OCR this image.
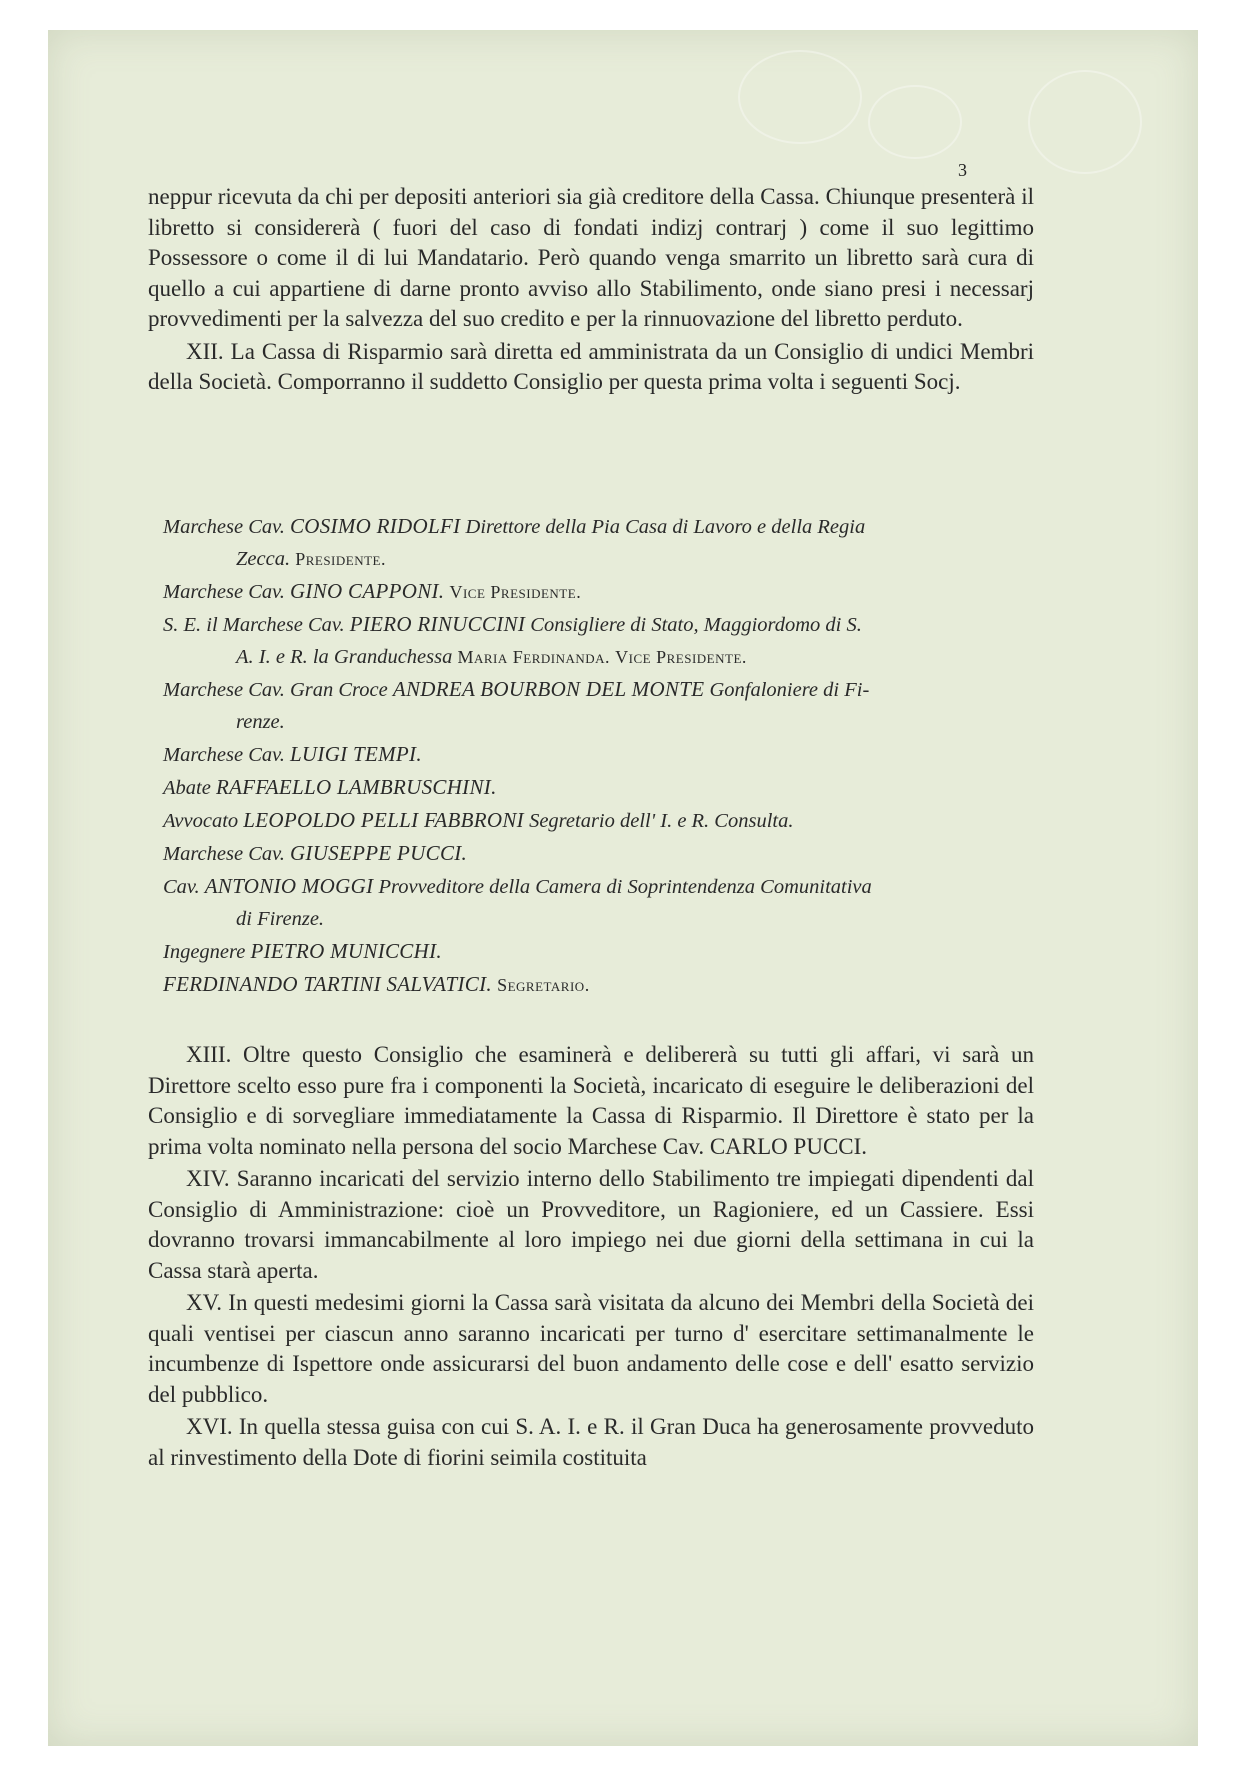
3

neppur ricevuta da chi per depositi anteriori sia già creditore della Cassa. Chiunque presenterà il libretto si considererà ( fuori del caso di fondati indizj contrarj ) come il suo legittimo Possessore o come il di lui Mandatario. Però quando venga smarrito un libretto sarà cura di quello a cui appartiene di darne pronto avviso allo Stabilimento, onde siano presi i necessarj provvedimenti per la salvezza del suo credito e per la rinnuovazione del libretto perduto.

XII. La Cassa di Risparmio sarà diretta ed amministrata da un Consiglio di undici Membri della Società. Comporranno il suddetto Consiglio per questa prima volta i seguenti Socj.

Marchese Cav. COSIMO RIDOLFI Direttore della Pia Casa di Lavoro e della Regia
Zecca. Presidente.
Marchese Cav. GINO CAPPONI. Vice Presidente.
S. E. il Marchese Cav. PIERO RINUCCINI Consigliere di Stato, Maggiordomo di S.
A. I. e R. la Granduchessa Maria Ferdinanda. Vice Presidente.
Marchese Cav. Gran Croce ANDREA BOURBON DEL MONTE Gonfaloniere di Fi-
renze.
Marchese Cav. LUIGI TEMPI.
Abate RAFFAELLO LAMBRUSCHINI.
Avvocato LEOPOLDO PELLI FABBRONI Segretario dell' I. e R. Consulta.
Marchese Cav. GIUSEPPE PUCCI.
Cav. ANTONIO MOGGI Provveditore della Camera di Soprintendenza Comunitativa
di Firenze.
Ingegnere PIETRO MUNICCHI.
FERDINANDO TARTINI SALVATICI. Segretario.

XIII. Oltre questo Consiglio che esaminerà e delibererà su tutti gli affari, vi sarà un Direttore scelto esso pure fra i componenti la Società, incaricato di eseguire le deliberazioni del Consiglio e di sorvegliare immediatamente la Cassa di Risparmio. Il Direttore è stato per la prima volta nominato nella persona del socio Marchese Cav. CARLO PUCCI.

XIV. Saranno incaricati del servizio interno dello Stabilimento tre impiegati dipendenti dal Consiglio di Amministrazione: cioè un Provveditore, un Ragioniere, ed un Cassiere. Essi dovranno trovarsi immancabilmente al loro impiego nei due giorni della settimana in cui la Cassa starà aperta.

XV. In questi medesimi giorni la Cassa sarà visitata da alcuno dei Membri della Società dei quali ventisei per ciascun anno saranno incaricati per turno d' esercitare settimanalmente le incumbenze di Ispettore onde assicurarsi del buon andamento delle cose e dell' esatto servizio del pubblico.

XVI. In quella stessa guisa con cui S. A. I. e R. il Gran Duca ha generosamente provveduto al rinvestimento della Dote di fiorini seimila costituita
